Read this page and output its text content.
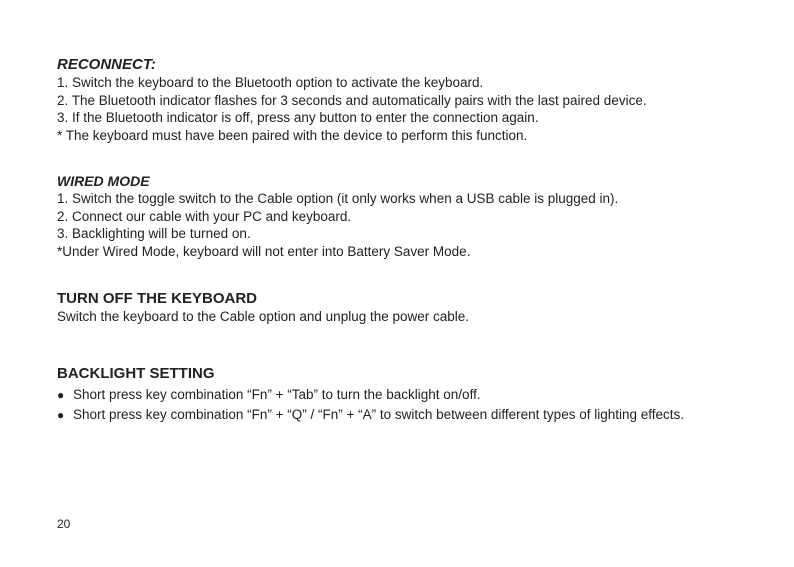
RECONNECT:
1. Switch the keyboard to the Bluetooth option to activate the keyboard.
2. The Bluetooth indicator flashes for 3 seconds and automatically pairs with the last paired device.
3. If the Bluetooth indicator is off, press any button to enter the connection again.
* The keyboard must have been paired with the device to perform this function.
WIRED MODE
1. Switch the toggle switch to the Cable option (it only works when a USB cable is plugged in).
2. Connect our cable with your PC and keyboard.
3. Backlighting will be turned on.
*Under Wired Mode, keyboard will not enter into Battery Saver Mode.
TURN OFF THE KEYBOARD
Switch the keyboard to the Cable option and unplug the power cable.
BACKLIGHT SETTING
● Short press key combination “Fn” + “Tab” to turn the backlight on/off.
● Short press key combination “Fn” + “Q” / “Fn” + “A” to switch between different types of lighting effects.
20
